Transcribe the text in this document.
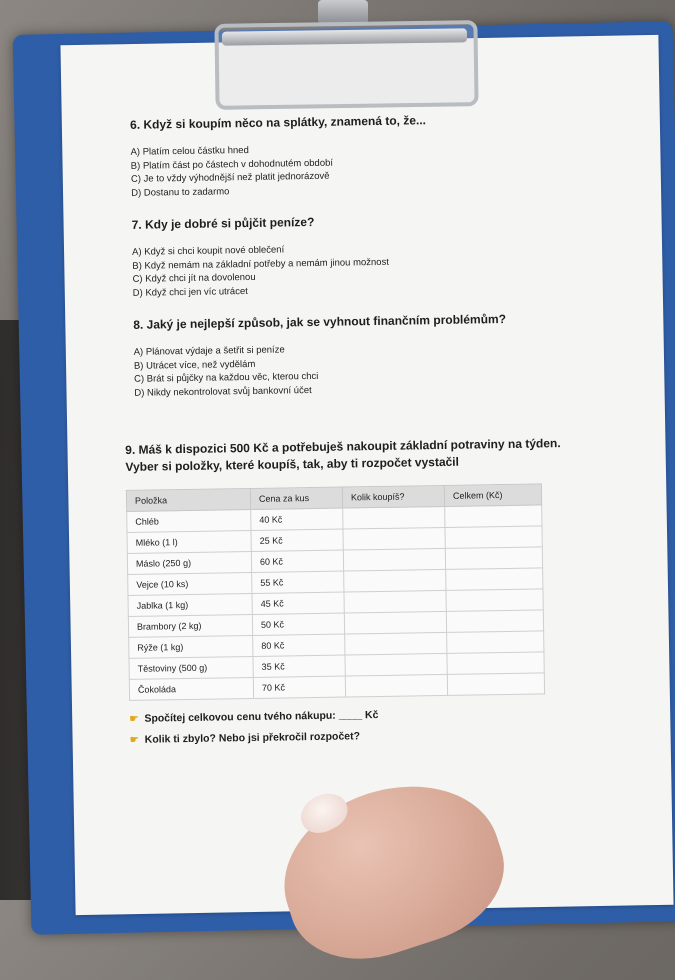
6. Když si koupím něco na splátky, znamená to, že...
A) Platím celou částku hned
B) Platím část po částech v dohodnutém období
C) Je to vždy výhodnější než platit jednorázově
D) Dostanu to zadarmo
7. Kdy je dobré si půjčit peníze?
A) Když si chci koupit nové oblečení
B) Když nemám na základní potřeby a nemám jinou možnost
C) Když chci jít na dovolenou
D) Když chci jen víc utrácet
8. Jaký je nejlepší způsob, jak se vyhnout finančním problémům?
A) Plánovat výdaje a šetřit si peníze
B) Utrácet více, než vydělám
C) Brát si půjčky na každou věc, kterou chci
D) Nikdy nekontrolovat svůj bankovní účet
9. Máš k dispozici 500 Kč a potřebuješ nakoupit základní potraviny na týden.
Vyber si položky, které koupíš, tak, aby ti rozpočet vystačil
Položka	Cena za kus	Kolik koupíš?	Celkem (Kč)
Chléb	40 Kč		
Mléko (1 l)	25 Kč		
Máslo (250 g)	60 Kč		
Vejce (10 ks)	55 Kč		
Jablka (1 kg)	45 Kč		
Brambory (2 kg)	50 Kč		
Rýže (1 kg)	80 Kč		
Těstoviny (500 g)	35 Kč		
Čokoláda	70 Kč		
☛ Spočítej celkovou cenu tvého nákupu: ____ Kč
☛ Kolik ti zbylo? Nebo jsi překročil rozpočet?
